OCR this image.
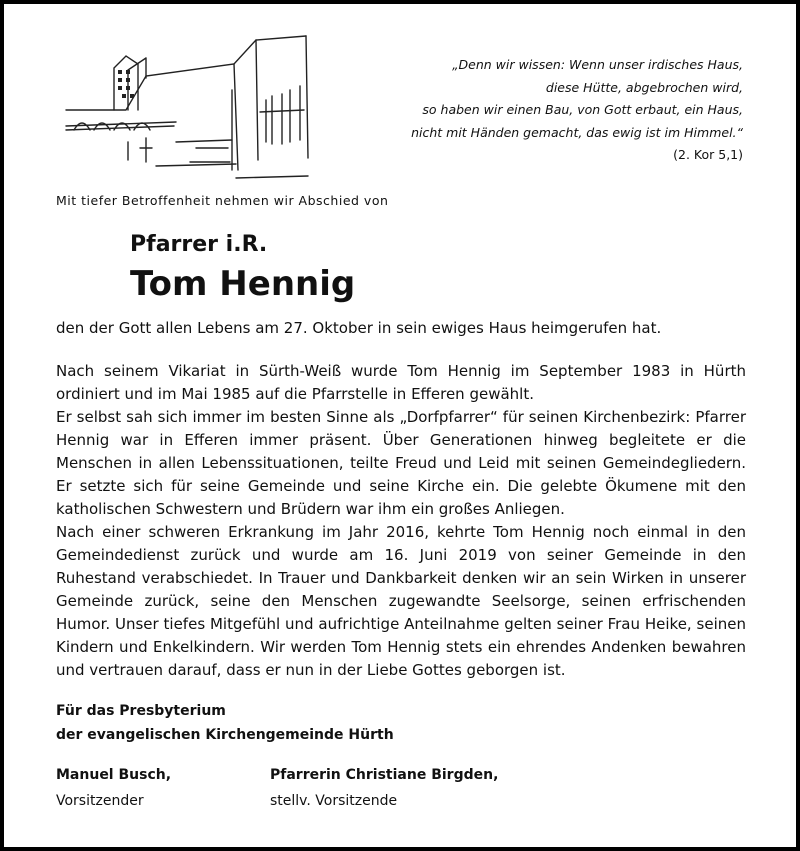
„Denn wir wissen: Wenn unser irdisches Haus,
diese Hütte, abgebrochen wird,
so haben wir einen Bau, von Gott erbaut, ein Haus,
nicht mit Händen gemacht, das ewig ist im Himmel.“
(2. Kor 5,1)
Mit tiefer Betroffenheit nehmen wir Abschied von
Pfarrer i.R.
Tom Hennig

den der Gott allen Lebens am 27. Oktober in sein ewiges Haus heimgerufen hat.

Nach seinem Vikariat in Sürth-Weiß wurde Tom Hennig im September 1983 in Hürth ordiniert und im Mai 1985 auf die Pfarrstelle in Efferen gewählt.

Er selbst sah sich immer im besten Sinne als „Dorfpfarrer“ für seinen Kirchenbezirk: Pfarrer Hennig war in Efferen immer präsent. Über Generationen hinweg begleitete er die Menschen in allen Lebenssituationen, teilte Freud und Leid mit seinen Gemeindegliedern. Er setzte sich für seine Gemeinde und seine Kirche ein. Die gelebte Ökumene mit den katholischen Schwestern und Brüdern war ihm ein großes Anliegen.

Nach einer schweren Erkrankung im Jahr 2016, kehrte Tom Hennig noch einmal in den Gemeindedienst zurück und wurde am 16. Juni 2019 von seiner Gemeinde in den Ruhestand verabschiedet. In Trauer und Dankbarkeit denken wir an sein Wirken in unserer Gemeinde zurück, seine den Menschen zugewandte Seelsorge, seinen erfrischenden Humor. Unser tiefes Mitgefühl und aufrichtige Anteilnahme gelten seiner Frau Heike, seinen Kindern und Enkelkindern. Wir werden Tom Hennig stets ein ehrendes Andenken bewahren und vertrauen darauf, dass er nun in der Liebe Gottes geborgen ist.

Für das Presbyterium
der evangelischen Kirchengemeinde Hürth
Manuel Busch,
Vorsitzender
Pfarrerin Christiane Birgden,
stellv. Vorsitzende
